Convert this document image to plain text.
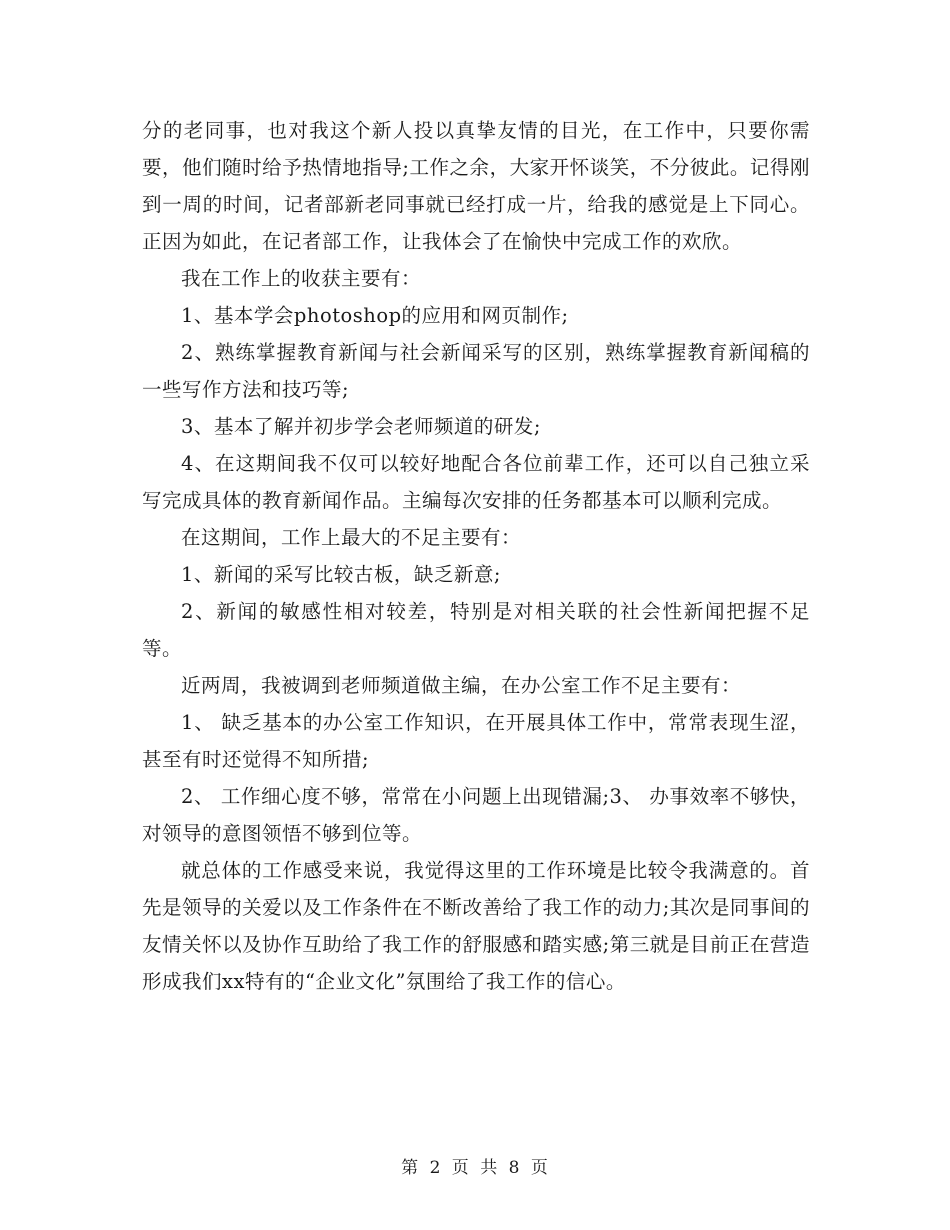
分的老同事，也对我这个新人投以真挚友情的目光，在工作中，只要你需要，他们随时给予热情地指导;工作之余，大家开怀谈笑，不分彼此。记得刚到一周的时间，记者部新老同事就已经打成一片，给我的感觉是上下同心。正因为如此，在记者部工作，让我体会了在愉快中完成工作的欢欣。

我在工作上的收获主要有：

1、基本学会photoshop的应用和网页制作;

2、熟练掌握教育新闻与社会新闻采写的区别，熟练掌握教育新闻稿的一些写作方法和技巧等;

3、基本了解并初步学会老师频道的研发;

4、在这期间我不仅可以较好地配合各位前辈工作，还可以自己独立采写完成具体的教育新闻作品。主编每次安排的任务都基本可以顺利完成。

在这期间，工作上最大的不足主要有：

1、新闻的采写比较古板，缺乏新意;

2、新闻的敏感性相对较差，特别是对相关联的社会性新闻把握不足等。

近两周，我被调到老师频道做主编，在办公室工作不足主要有：

1、 缺乏基本的办公室工作知识，在开展具体工作中，常常表现生涩，甚至有时还觉得不知所措;

2、 工作细心度不够，常常在小问题上出现错漏;3、 办事效率不够快，对领导的意图领悟不够到位等。

就总体的工作感受来说，我觉得这里的工作环境是比较令我满意的。首先是领导的关爱以及工作条件在不断改善给了我工作的动力;其次是同事间的友情关怀以及协作互助给了我工作的舒服感和踏实感;第三就是目前正在营造形成我们xx特有的“企业文化”氛围给了我工作的信心。

第 2 页 共 8 页
